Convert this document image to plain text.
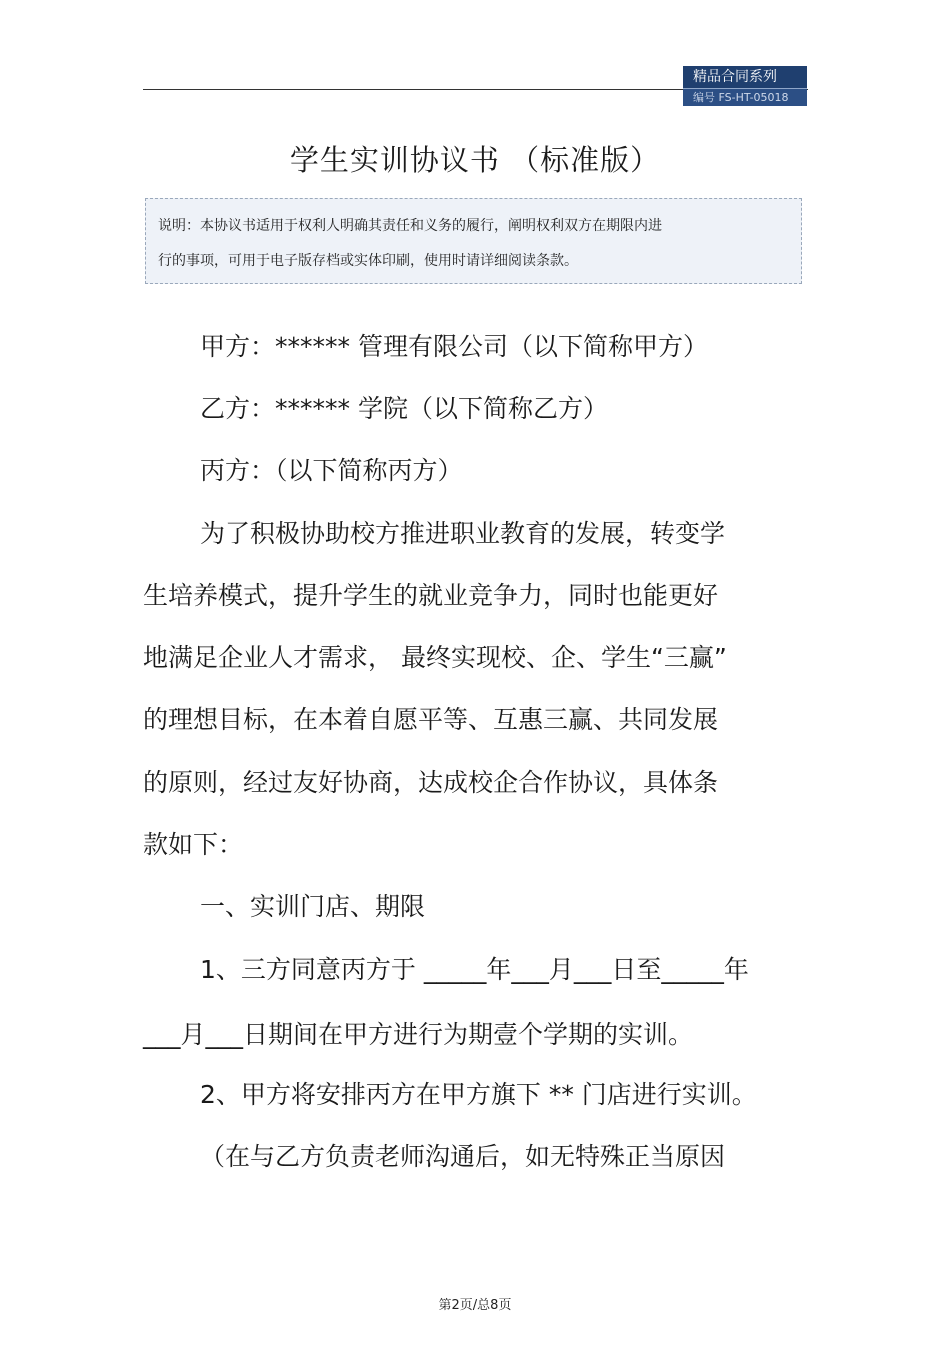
精品合同系列
编号 FS-HT-05018
学生实训协议书 （标准版）
说明：本协议书适用于权利人明确其责任和义务的履行，阐明权利双方在期限内进
行的事项，可用于电子版存档或实体印刷，使用时请详细阅读条款。
甲方：****** 管理有限公司（以下简称甲方）
乙方：****** 学院（以下简称乙方）
丙方：（以下简称丙方）
为了积极协助校方推进职业教育的发展，转变学
生培养模式，提升学生的就业竞争力，同时也能更好
地满足企业人才需求， 最终实现校、企、学生“三赢”
的理想目标，在本着自愿平等、互惠三赢、共同发展
的原则，经过友好协商，达成校企合作协议，具体条
款如下：
一、实训门店、期限
1、三方同意丙方于 _____年___月___日至_____年
___月___日期间在甲方进行为期壹个学期的实训。
2、甲方将安排丙方在甲方旗下 ** 门店进行实训。
（在与乙方负责老师沟通后，如无特殊正当原因
第2页/总8页
